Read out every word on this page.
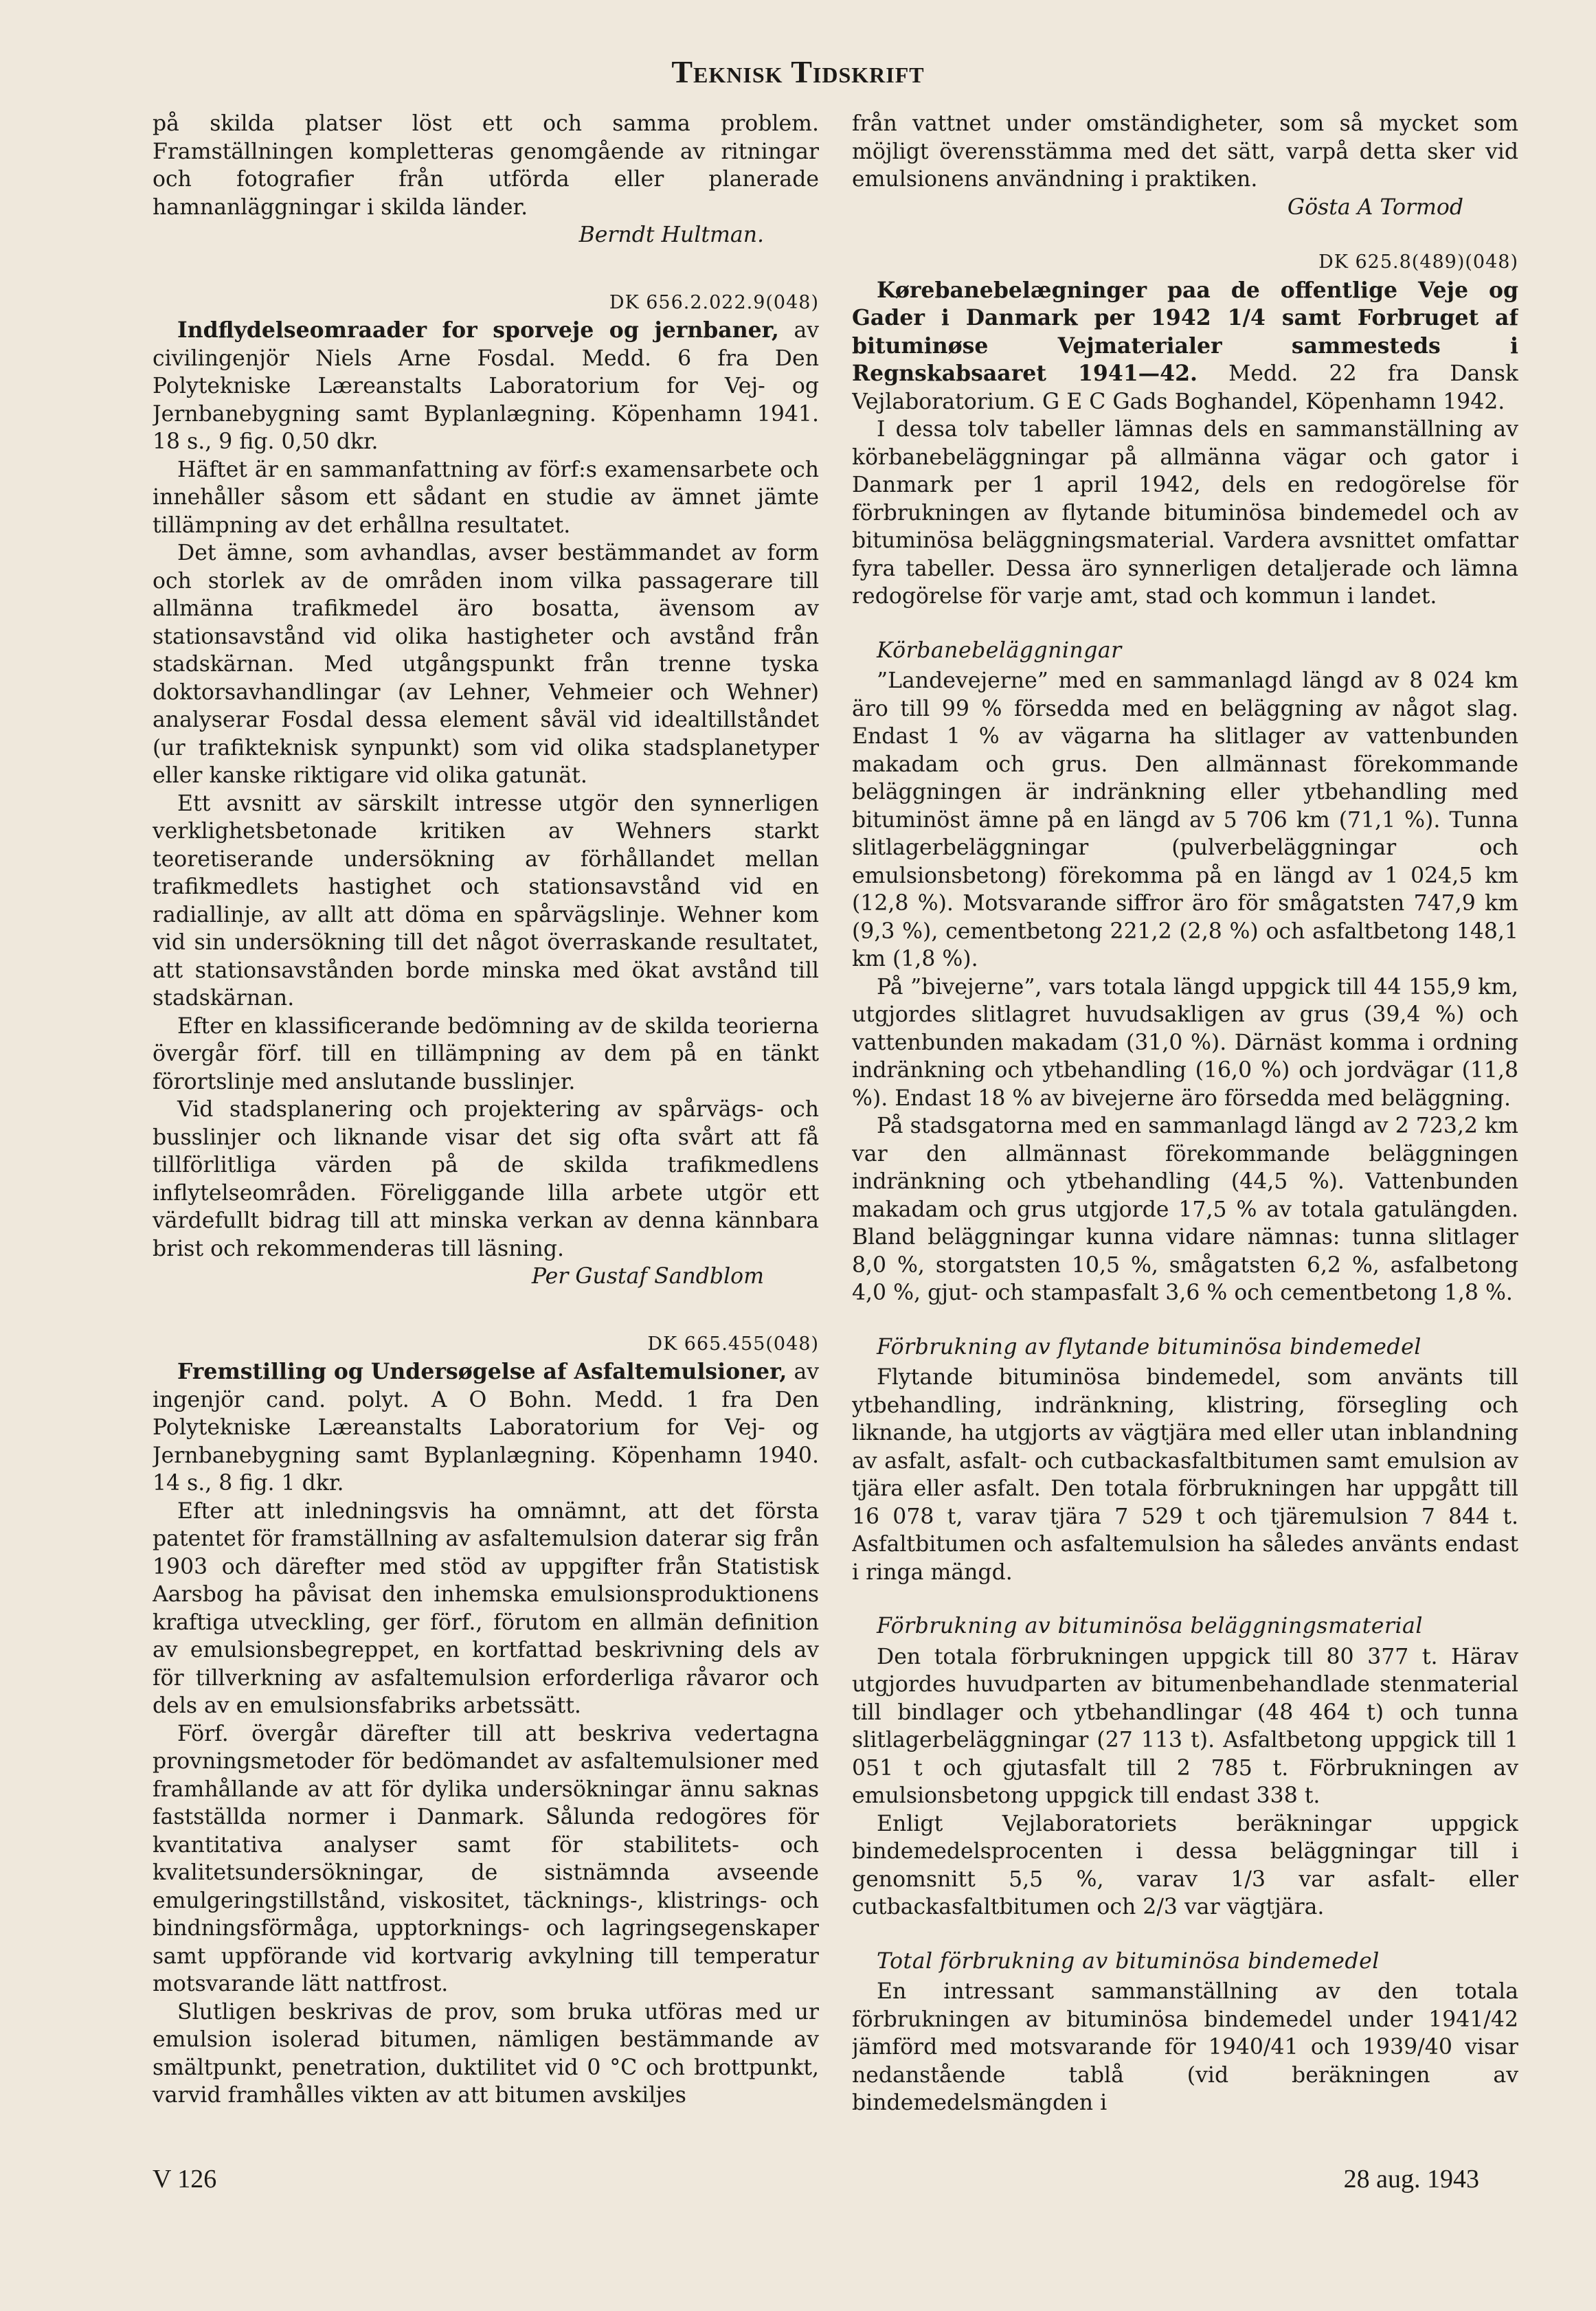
Teknisk Tidskrift

på skilda platser löst ett och samma problem. Framställningen kompletteras genomgående av ritningar och fotografier från utförda eller planerade hamnanläggningar i skilda länder.

Berndt Hultman.
DK 656.2.022.9(048)

Indflydelseomraader for sporveje og jernbaner, av civilingenjör Niels Arne Fosdal. Medd. 6 fra Den Polytekniske Læreanstalts Laboratorium for Vej- og Jernbanebygning samt Byplanlægning. Köpenhamn 1941. 18 s., 9 fig. 0,50 dkr.

Häftet är en sammanfattning av förf:s examensarbete och innehåller såsom ett sådant en studie av ämnet jämte tillämpning av det erhållna resultatet.

Det ämne, som avhandlas, avser bestämmandet av form och storlek av de områden inom vilka passagerare till allmänna trafikmedel äro bosatta, ävensom av stationsavstånd vid olika hastigheter och avstånd från stadskärnan. Med utgångspunkt från trenne tyska doktorsavhandlingar (av Lehner, Vehmeier och Wehner) analyserar Fosdal dessa element såväl vid idealtillståndet (ur trafikteknisk synpunkt) som vid olika stadsplanetyper eller kanske riktigare vid olika gatunät.

Ett avsnitt av särskilt intresse utgör den synnerligen verklighetsbetonade kritiken av Wehners starkt teoretiserande undersökning av förhållandet mellan trafikmedlets hastighet och stationsavstånd vid en radiallinje, av allt att döma en spårvägslinje. Wehner kom vid sin undersökning till det något överraskande resultatet, att stationsavstånden borde minska med ökat avstånd till stadskärnan.

Efter en klassificerande bedömning av de skilda teorierna övergår förf. till en tillämpning av dem på en tänkt förortslinje med anslutande busslinjer.

Vid stadsplanering och projektering av spårvägs- och busslinjer och liknande visar det sig ofta svårt att få tillförlitliga värden på de skilda trafikmedlens inflytelseområden. Föreliggande lilla arbete utgör ett värdefullt bidrag till att minska verkan av denna kännbara brist och rekommenderas till läsning.

Per Gustaf Sandblom
DK 665.455(048)

Fremstilling og Undersøgelse af Asfaltemulsioner, av ingenjör cand. polyt. A O Bohn. Medd. 1 fra Den Polytekniske Læreanstalts Laboratorium for Vej- og Jernbanebygning samt Byplanlægning. Köpenhamn 1940. 14 s., 8 fig. 1 dkr.

Efter att inledningsvis ha omnämnt, att det första patentet för framställning av asfaltemulsion daterar sig från 1903 och därefter med stöd av uppgifter från Statistisk Aarsbog ha påvisat den inhemska emulsionsproduktionens kraftiga utveckling, ger förf., förutom en allmän definition av emulsionsbegreppet, en kortfattad beskrivning dels av för tillverkning av asfaltemulsion erforderliga råvaror och dels av en emulsionsfabriks arbetssätt.

Förf. övergår därefter till att beskriva vedertagna provningsmetoder för bedömandet av asfaltemulsioner med framhållande av att för dylika undersökningar ännu saknas fastställda normer i Danmark. Sålunda redogöres för kvantitativa analyser samt för stabilitets- och kvalitetsundersökningar, de sistnämnda avseende emulgeringstillstånd, viskositet, täcknings-, klistrings- och bindningsförmåga, upptorknings- och lagringsegenskaper samt uppförande vid kortvarig avkylning till temperatur motsvarande lätt nattfrost.

Slutligen beskrivas de prov, som bruka utföras med ur emulsion isolerad bitumen, nämligen bestämmande av smältpunkt, penetration, duktilitet vid 0 °C och brottpunkt, varvid framhålles vikten av att bitumen avskiljes

från vattnet under omständigheter, som så mycket som möjligt överensstämma med det sätt, varpå detta sker vid emulsionens användning i praktiken.

Gösta A Tormod
DK 625.8(489)(048)

Kørebanebelægninger paa de offentlige Veje og Gader i Danmark per 1942 1/4 samt Forbruget af bituminøse Vejmaterialer sammesteds i Regnskabsaaret 1941—42. Medd. 22 fra Dansk Vejlaboratorium. G E C Gads Boghandel, Köpenhamn 1942.

I dessa tolv tabeller lämnas dels en sammanställning av körbanebeläggningar på allmänna vägar och gator i Danmark per 1 april 1942, dels en redogörelse för förbrukningen av flytande bituminösa bindemedel och av bituminösa beläggningsmaterial. Vardera avsnittet omfattar fyra tabeller. Dessa äro synnerligen detaljerade och lämna redogörelse för varje amt, stad och kommun i landet.

Körbanebeläggningar

”Landevejerne” med en sammanlagd längd av 8 024 km äro till 99 % försedda med en beläggning av något slag. Endast 1 % av vägarna ha slitlager av vattenbunden makadam och grus. Den allmännast förekommande beläggningen är indränkning eller ytbehandling med bituminöst ämne på en längd av 5 706 km (71,1 %). Tunna slitlagerbeläggningar (pulverbeläggningar och emulsionsbetong) förekomma på en längd av 1 024,5 km (12,8 %). Motsvarande siffror äro för smågatsten 747,9 km (9,3 %), cementbetong 221,2 (2,8 %) och asfaltbetong 148,1 km (1,8 %).

På ”bivejerne”, vars totala längd uppgick till 44 155,9 km, utgjordes slitlagret huvudsakligen av grus (39,4 %) och vattenbunden makadam (31,0 %). Därnäst komma i ordning indränkning och ytbehandling (16,0 %) och jordvägar (11,8 %). Endast 18 % av bivejerne äro försedda med beläggning.

På stadsgatorna med en sammanlagd längd av 2 723,2 km var den allmännast förekommande beläggningen indränkning och ytbehandling (44,5 %). Vattenbunden makadam och grus utgjorde 17,5 % av totala gatulängden. Bland beläggningar kunna vidare nämnas: tunna slitlager 8,0 %, storgatsten 10,5 %, smågatsten 6,2 %, asfalbetong 4,0 %, gjut- och stampasfalt 3,6 % och cementbetong 1,8 %.

Förbrukning av flytande bituminösa bindemedel

Flytande bituminösa bindemedel, som använts till ytbehandling, indränkning, klistring, försegling och liknande, ha utgjorts av vägtjära med eller utan inblandning av asfalt, asfalt- och cutbackasfaltbitumen samt emulsion av tjära eller asfalt. Den totala förbrukningen har uppgått till 16 078 t, varav tjära 7 529 t och tjäremulsion 7 844 t. Asfaltbitumen och asfaltemulsion ha således använts endast i ringa mängd.

Förbrukning av bituminösa beläggningsmaterial

Den totala förbrukningen uppgick till 80 377 t. Härav utgjordes huvudparten av bitumenbehandlade stenmaterial till bindlager och ytbehandlingar (48 464 t) och tunna slitlagerbeläggningar (27 113 t). Asfaltbetong uppgick till 1 051 t och gjutasfalt till 2 785 t. Förbrukningen av emulsionsbetong uppgick till endast 338 t.

Enligt Vejlaboratoriets beräkningar uppgick bindemedelsprocenten i dessa beläggningar till i genomsnitt 5,5 %, varav 1/3 var asfalt- eller cutbackasfaltbitumen och 2/3 var vägtjära.

Total förbrukning av bituminösa bindemedel

En intressant sammanställning av den totala förbrukningen av bituminösa bindemedel under 1941/42 jämförd med motsvarande för 1940/41 och 1939/40 visar nedanstående tablå (vid beräkningen av bindemedelsmängden i

V 126	28 aug. 1943
